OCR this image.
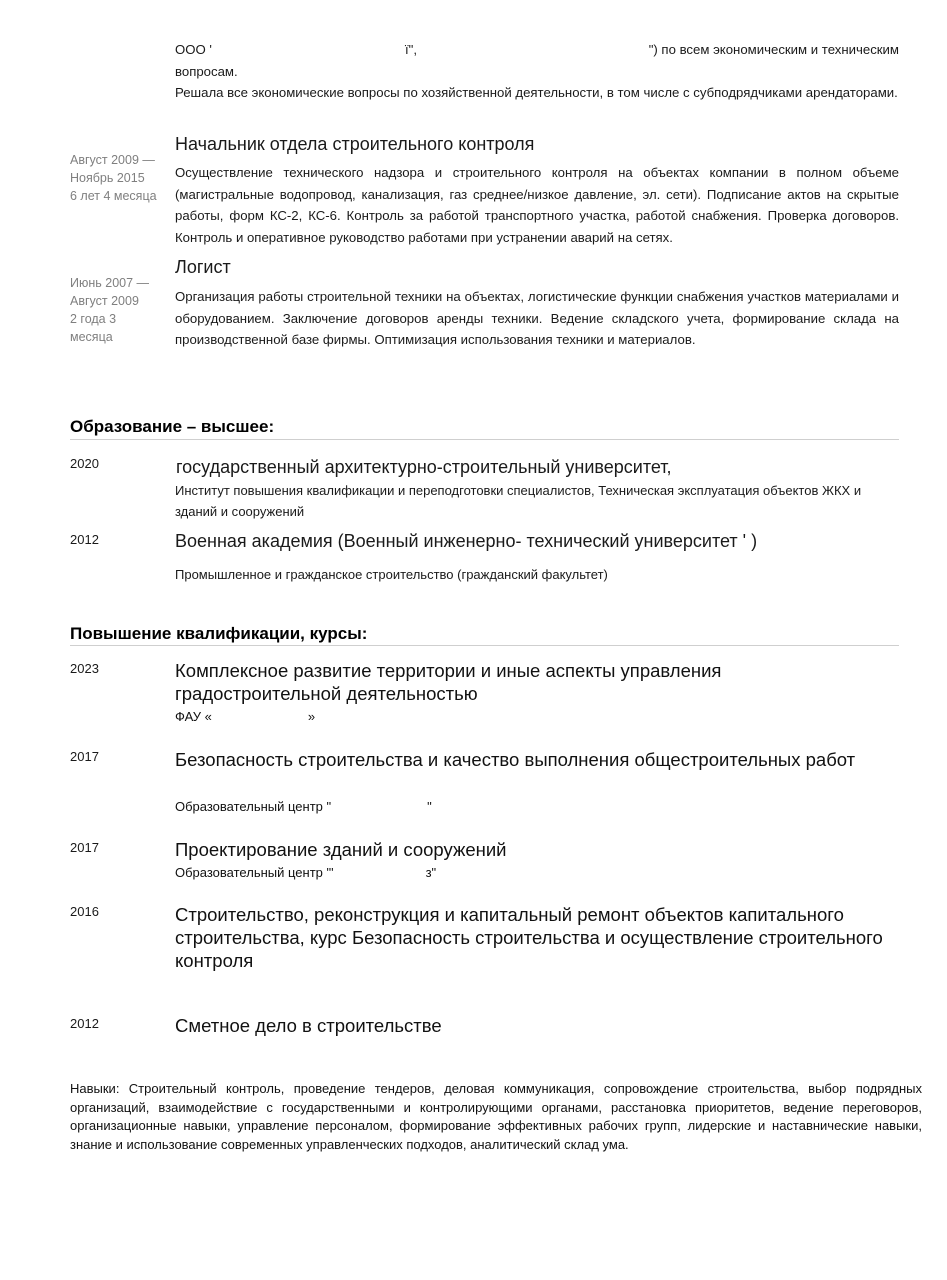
ООО '	ї",	") по всем экономическим и техническим
вопросам.
Решала все экономические вопросы по хозяйственной деятельности, в том числе с субподрядчиками арендаторами.
Начальник отдела строительного контроля
Август 2009 —
Ноябрь 2015
6 лет 4 месяца
Осуществление технического надзора и строительного контроля на объектах компании в полном объеме (магистральные водопровод, канализация, газ среднее/низкое давление, эл. сети). Подписание актов на скрытые работы, форм КС-2, КС-6. Контроль за работой транспортного участка, работой снабжения. Проверка договоров. Контроль и оперативное руководство работами при устранении аварий на сетях.
Логист
Июнь 2007 —
Август 2009
2 года 3
месяца
Организация работы строительной техники на объектах, логистические функции снабжения участков материалами и оборудованием. Заключение договоров аренды техники. Ведение складского учета, формирование склада на производственной базе фирмы. Оптимизация использования техники и материалов.
Образование – высшее:
2020	государственный архитектурно-строительный университет,
Институт повышения квалификации и переподготовки специалистов, Техническая эксплуатация объектов ЖКХ и зданий и сооружений
2012	Военная академия (Военный инженерно- технический университет ' )
Промышленное и гражданское строительство (гражданский факультет)
Повышение квалификации, курсы:
2023	Комплексное развитие территории и иные аспекты управления градостроительной деятельностью
ФАУ «	»
2017	Безопасность строительства и качество выполнения общестроительных работ
Образовательный центр "	"
2017	Проектирование зданий и сооружений
Образовательный центр "'	з"
2016	Строительство, реконструкция и капитальный ремонт объектов капитального строительства, курс Безопасность строительства и осуществление строительного контроля
2012	Сметное дело в строительстве
Навыки: Строительный контроль, проведение тендеров, деловая коммуникация, сопровождение строительства, выбор подрядных организаций, взаимодействие с государственными и контролирующими органами, расстановка приоритетов, ведение переговоров, организационные навыки, управление персоналом, формирование эффективных рабочих групп, лидерские и наставнические навыки, знание и использование современных управленческих подходов, аналитический склад ума.
